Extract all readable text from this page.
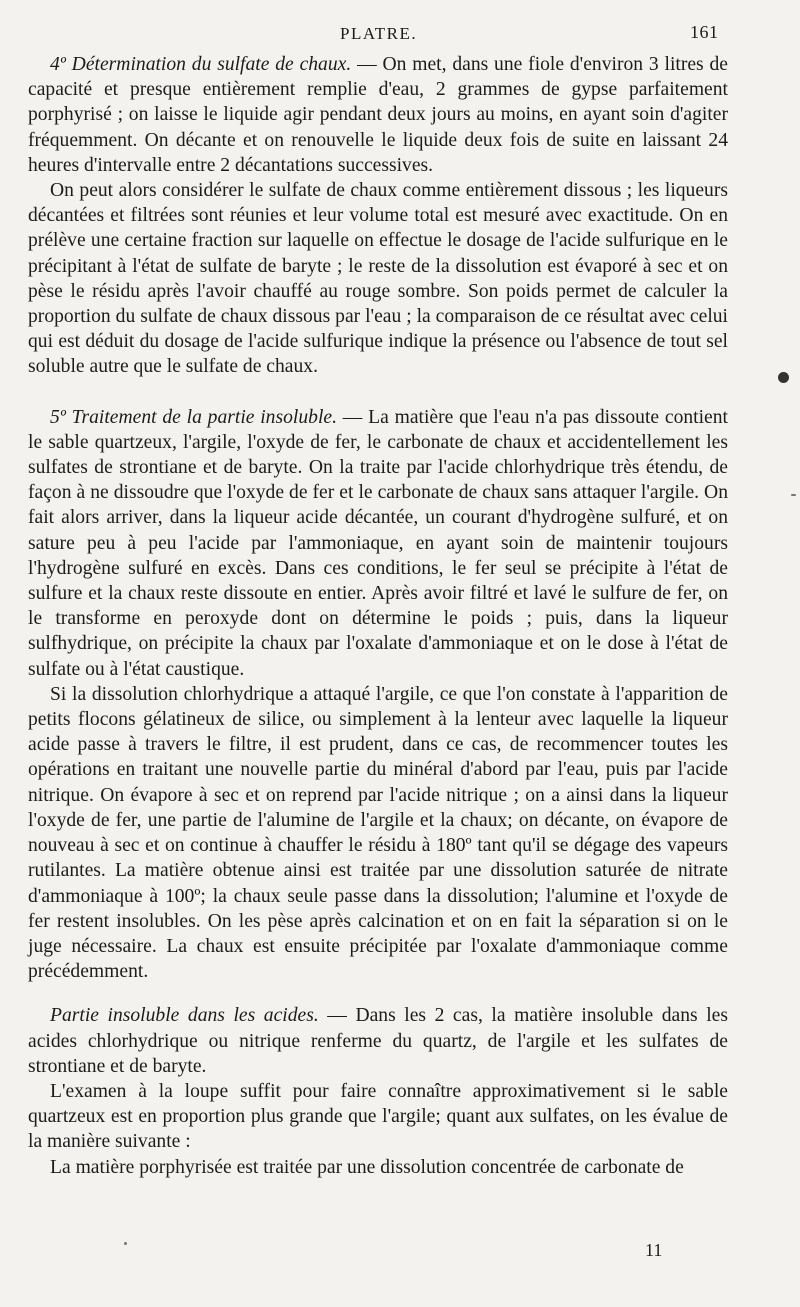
PLATRE.	161

4º Détermination du sulfate de chaux. — On met, dans une fiole d'environ 3 litres de capacité et presque entièrement remplie d'eau, 2 grammes de gypse parfaitement porphyrisé ; on laisse le liquide agir pendant deux jours au moins, en ayant soin d'agiter fréquemment. On décante et on renouvelle le liquide deux fois de suite en laissant 24 heures d'intervalle entre 2 décantations successives.

On peut alors considérer le sulfate de chaux comme entièrement dissous ; les liqueurs décantées et filtrées sont réunies et leur volume total est mesuré avec exactitude. On en prélève une certaine fraction sur laquelle on effectue le dosage de l'acide sulfurique en le précipitant à l'état de sulfate de baryte ; le reste de la dissolution est évaporé à sec et on pèse le résidu après l'avoir chauffé au rouge sombre. Son poids permet de calculer la proportion du sulfate de chaux dissous par l'eau ; la comparaison de ce résultat avec celui qui est déduit du dosage de l'acide sulfurique indique la présence ou l'absence de tout sel soluble autre que le sulfate de chaux.

5º Traitement de la partie insoluble. — La matière que l'eau n'a pas dissoute contient le sable quartzeux, l'argile, l'oxyde de fer, le carbonate de chaux et accidentellement les sulfates de strontiane et de baryte. On la traite par l'acide chlorhydrique très étendu, de façon à ne dissoudre que l'oxyde de fer et le carbonate de chaux sans attaquer l'argile. On fait alors arriver, dans la liqueur acide décantée, un courant d'hydrogène sulfuré, et on sature peu à peu l'acide par l'ammoniaque, en ayant soin de maintenir toujours l'hydrogène sulfuré en excès. Dans ces conditions, le fer seul se précipite à l'état de sulfure et la chaux reste dissoute en entier. Après avoir filtré et lavé le sulfure de fer, on le transforme en peroxyde dont on détermine le poids ; puis, dans la liqueur sulfhydrique, on précipite la chaux par l'oxalate d'ammoniaque et on le dose à l'état de sulfate ou à l'état caustique.

Si la dissolution chlorhydrique a attaqué l'argile, ce que l'on constate à l'apparition de petits flocons gélatineux de silice, ou simplement à la lenteur avec laquelle la liqueur acide passe à travers le filtre, il est prudent, dans ce cas, de recommencer toutes les opérations en traitant une nouvelle partie du minéral d'abord par l'eau, puis par l'acide nitrique. On évapore à sec et on reprend par l'acide nitrique ; on a ainsi dans la liqueur l'oxyde de fer, une partie de l'alumine de l'argile et la chaux; on décante, on évapore de nouveau à sec et on continue à chauffer le résidu à 180º tant qu'il se dégage des vapeurs rutilantes. La matière obtenue ainsi est traitée par une dissolution saturée de nitrate d'ammoniaque à 100º; la chaux seule passe dans la dissolution; l'alumine et l'oxyde de fer restent insolubles. On les pèse après calcination et on en fait la séparation si on le juge nécessaire. La chaux est ensuite précipitée par l'oxalate d'ammoniaque comme précédemment.

Partie insoluble dans les acides. — Dans les 2 cas, la matière insoluble dans les acides chlorhydrique ou nitrique renferme du quartz, de l'argile et les sulfates de strontiane et de baryte.

L'examen à la loupe suffit pour faire connaître approximativement si le sable quartzeux est en proportion plus grande que l'argile; quant aux sulfates, on les évalue de la manière suivante :

La matière porphyrisée est traitée par une dissolution concentrée de carbonate de

11
